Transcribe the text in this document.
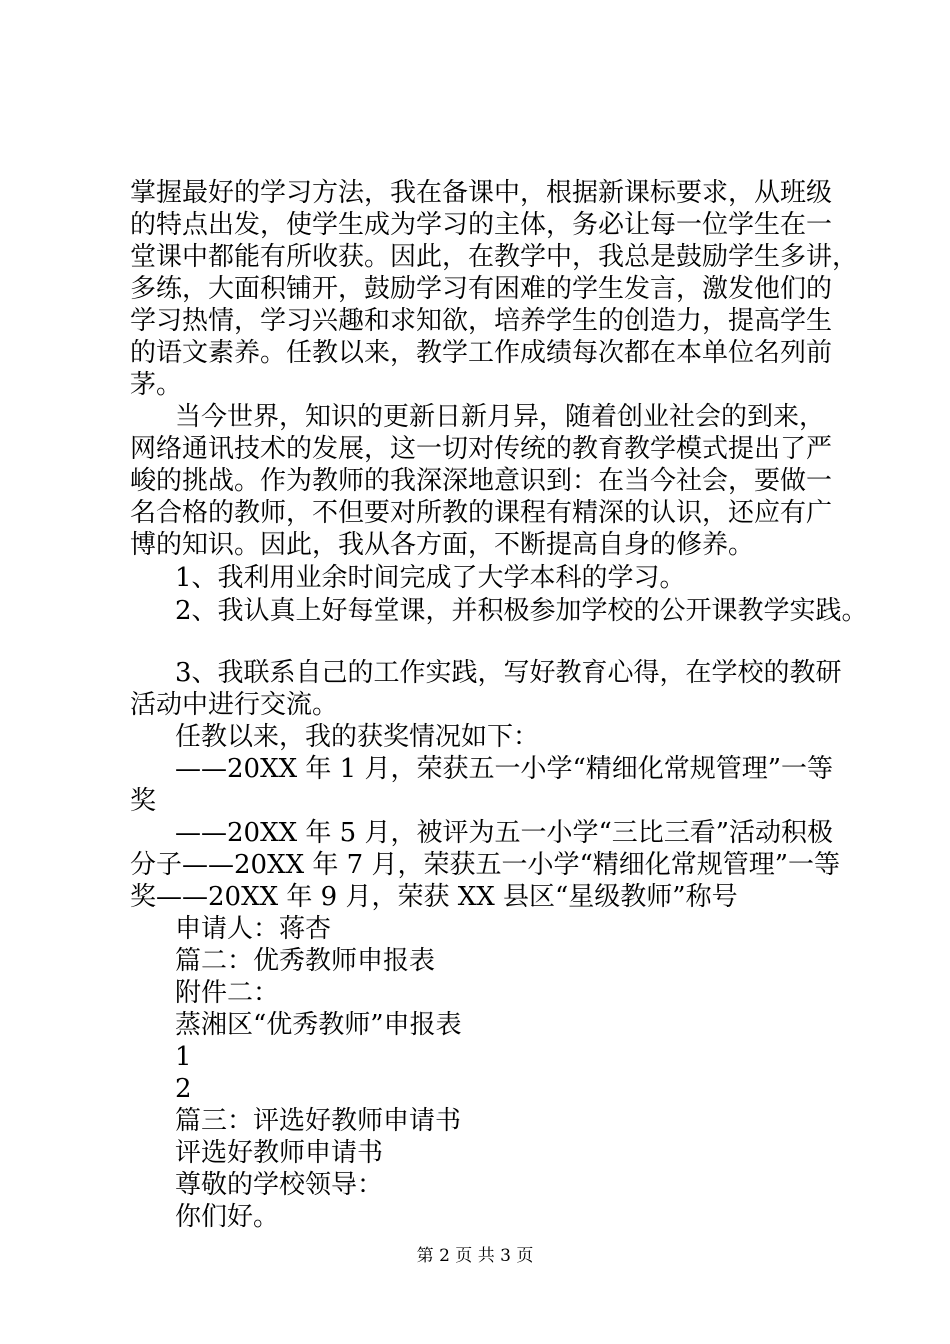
掌握最好的学习方法，我在备课中，根据新课标要求，从班级
的特点出发，使学生成为学习的主体，务必让每一位学生在一
堂课中都能有所收获。因此，在教学中，我总是鼓励学生多讲，
多练，大面积铺开，鼓励学习有困难的学生发言，激发他们的
学习热情，学习兴趣和求知欲，培养学生的创造力，提高学生
的语文素养。任教以来，教学工作成绩每次都在本单位名列前
茅。
当今世界，知识的更新日新月异，随着创业社会的到来，
网络通讯技术的发展，这一切对传统的教育教学模式提出了严
峻的挑战。作为教师的我深深地意识到：在当今社会，要做一
名合格的教师，不但要对所教的课程有精深的认识，还应有广
博的知识。因此，我从各方面，不断提高自身的修养。
1、我利用业余时间完成了大学本科的学习。
2、我认真上好每堂课，并积极参加学校的公开课教学实践。
3、我联系自己的工作实践，写好教育心得，在学校的教研
活动中进行交流。
任教以来，我的获奖情况如下：
——20XX 年 1 月，荣获五一小学“精细化常规管理”一等
奖
——20XX 年 5 月，被评为五一小学“三比三看”活动积极
分子——20XX 年 7 月，荣获五一小学“精细化常规管理”一等
奖——20XX 年 9 月，荣获 XX 县区“星级教师”称号
申请人：蒋杏
篇二：优秀教师申报表
附件二：
蒸湘区“优秀教师”申报表
1
2
篇三：评选好教师申请书
评选好教师申请书
尊敬的学校领导：
你们好。
第 2 页 共 3 页
